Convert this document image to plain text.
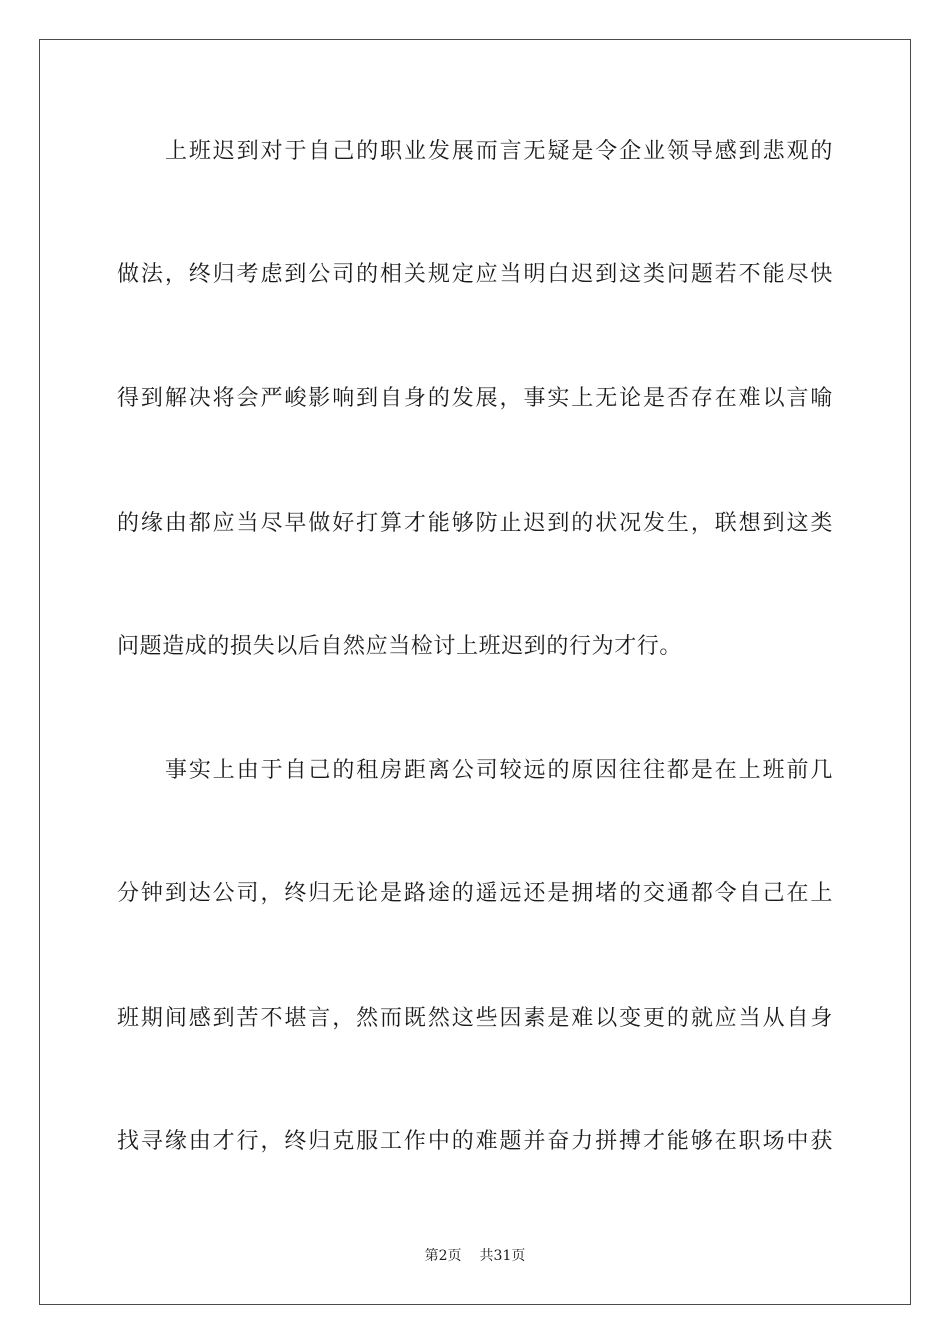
上班迟到对于自己的职业发展而言无疑是令企业领导感到悲观的
做法，终归考虑到公司的相关规定应当明白迟到这类问题若不能尽快
得到解决将会严峻影响到自身的发展，事实上无论是否存在难以言喻
的缘由都应当尽早做好打算才能够防止迟到的状况发生，联想到这类
问题造成的损失以后自然应当检讨上班迟到的行为才行。
事实上由于自己的租房距离公司较远的原因往往都是在上班前几
分钟到达公司，终归无论是路途的遥远还是拥堵的交通都令自己在上
班期间感到苦不堪言，然而既然这些因素是难以变更的就应当从自身
找寻缘由才行，终归克服工作中的难题并奋力拼搏才能够在职场中获
第2页 共31页
